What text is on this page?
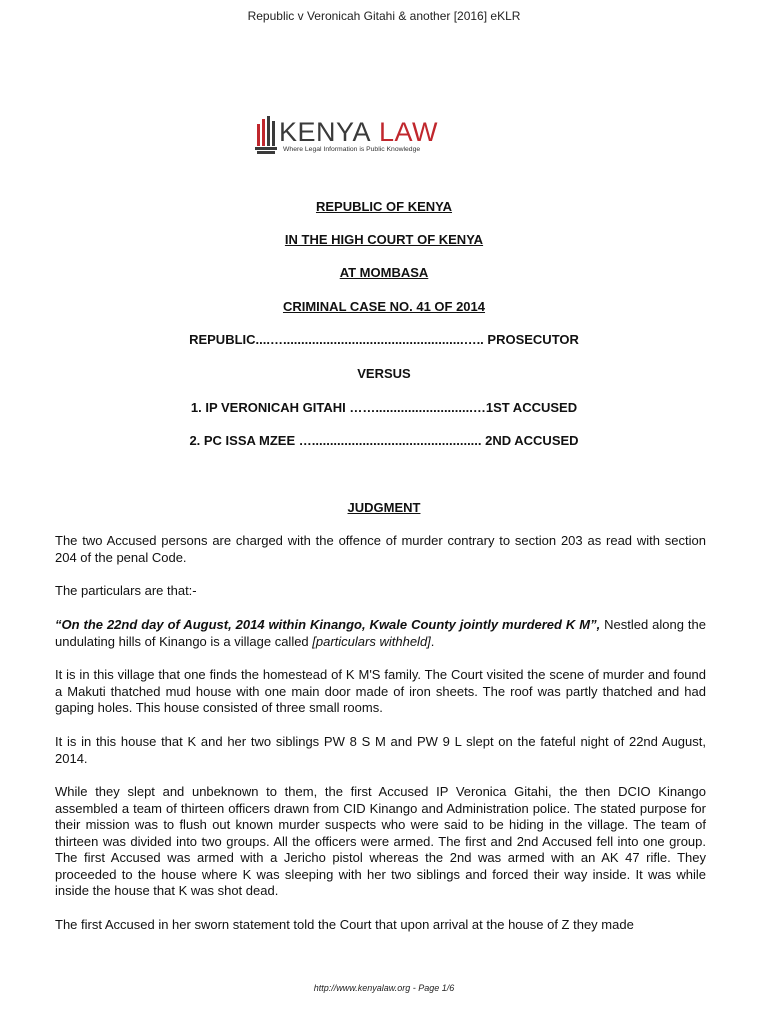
Republic v Veronicah Gitahi & another [2016] eKLR
KENYA LAW
Where Legal Information is Public Knowledge
REPUBLIC OF KENYA
IN THE HIGH COURT OF KENYA
AT MOMBASA
CRIMINAL CASE NO. 41 OF 2014
REPUBLIC....…..................................................….. PROSECUTOR
VERSUS
1. IP VERONICAH GITAHI ……...........................…1ST ACCUSED
2. PC ISSA MZEE …............................................... 2ND ACCUSED
JUDGMENT
The two Accused persons are charged with the offence of murder contrary to section 203 as read with section 204 of the penal Code.
The particulars are that:-
“On the 22nd day of August, 2014 within Kinango, Kwale County jointly murdered K M”, Nestled along the undulating hills of Kinango is a village called [particulars withheld].
It is in this village that one finds the homestead of K M'S family. The Court visited the scene of murder and found a Makuti thatched mud house with one main door made of iron sheets. The roof was partly thatched and had gaping holes. This house consisted of three small rooms.
It is in this house that K and her two siblings PW 8 S M and PW 9 L slept on the fateful night of 22nd August, 2014.
While they slept and unbeknown to them, the first Accused IP Veronica Gitahi, the then DCIO Kinango assembled a team of thirteen officers drawn from CID Kinango and Administration police. The stated purpose for their mission was to flush out known murder suspects who were said to be hiding in the village. The team of thirteen was divided into two groups. All the officers were armed. The first and 2nd Accused fell into one group. The first Accused was armed with a Jericho pistol whereas the 2nd was armed with an AK 47 rifle. They proceeded to the house where K was sleeping with her two siblings and forced their way inside. It was while inside the house that K was shot dead.
The first Accused in her sworn statement told the Court that upon arrival at the house of Z they made
http://www.kenyalaw.org - Page 1/6
